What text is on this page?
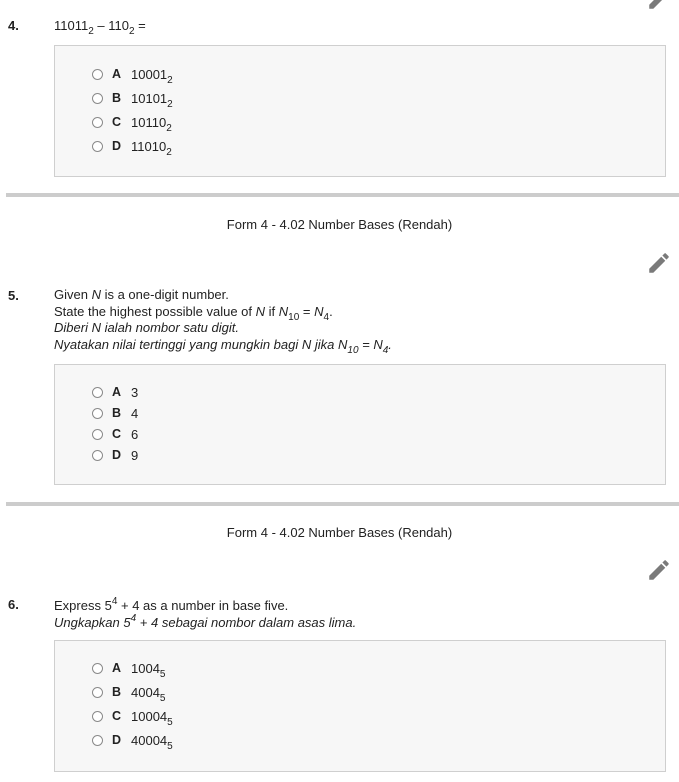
4.	$11011_2 - 110_2$ =
A $10001_2$
B $10101_2$
C $10110_2$
D $11010_2$
Form 4 - 4.02 Number Bases (Rendah)
5.	Given N is a one-digit number.
State the highest possible value of N if $N_{10} = N_4$.
Diberi N ialah nombor satu digit.
Nyatakan nilai tertinggi yang mungkin bagi N jika $N_{10} = N_4$.
A 3
B 4
C 6
D 9
Form 4 - 4.02 Number Bases (Rendah)
6.	Express $5^4 + 4$ as a number in base five.
Ungkapkan $5^4 + 4$ sebagai nombor dalam asas lima.
A $1004_5$
B $4004_5$
C $10004_5$
D $40004_5$
